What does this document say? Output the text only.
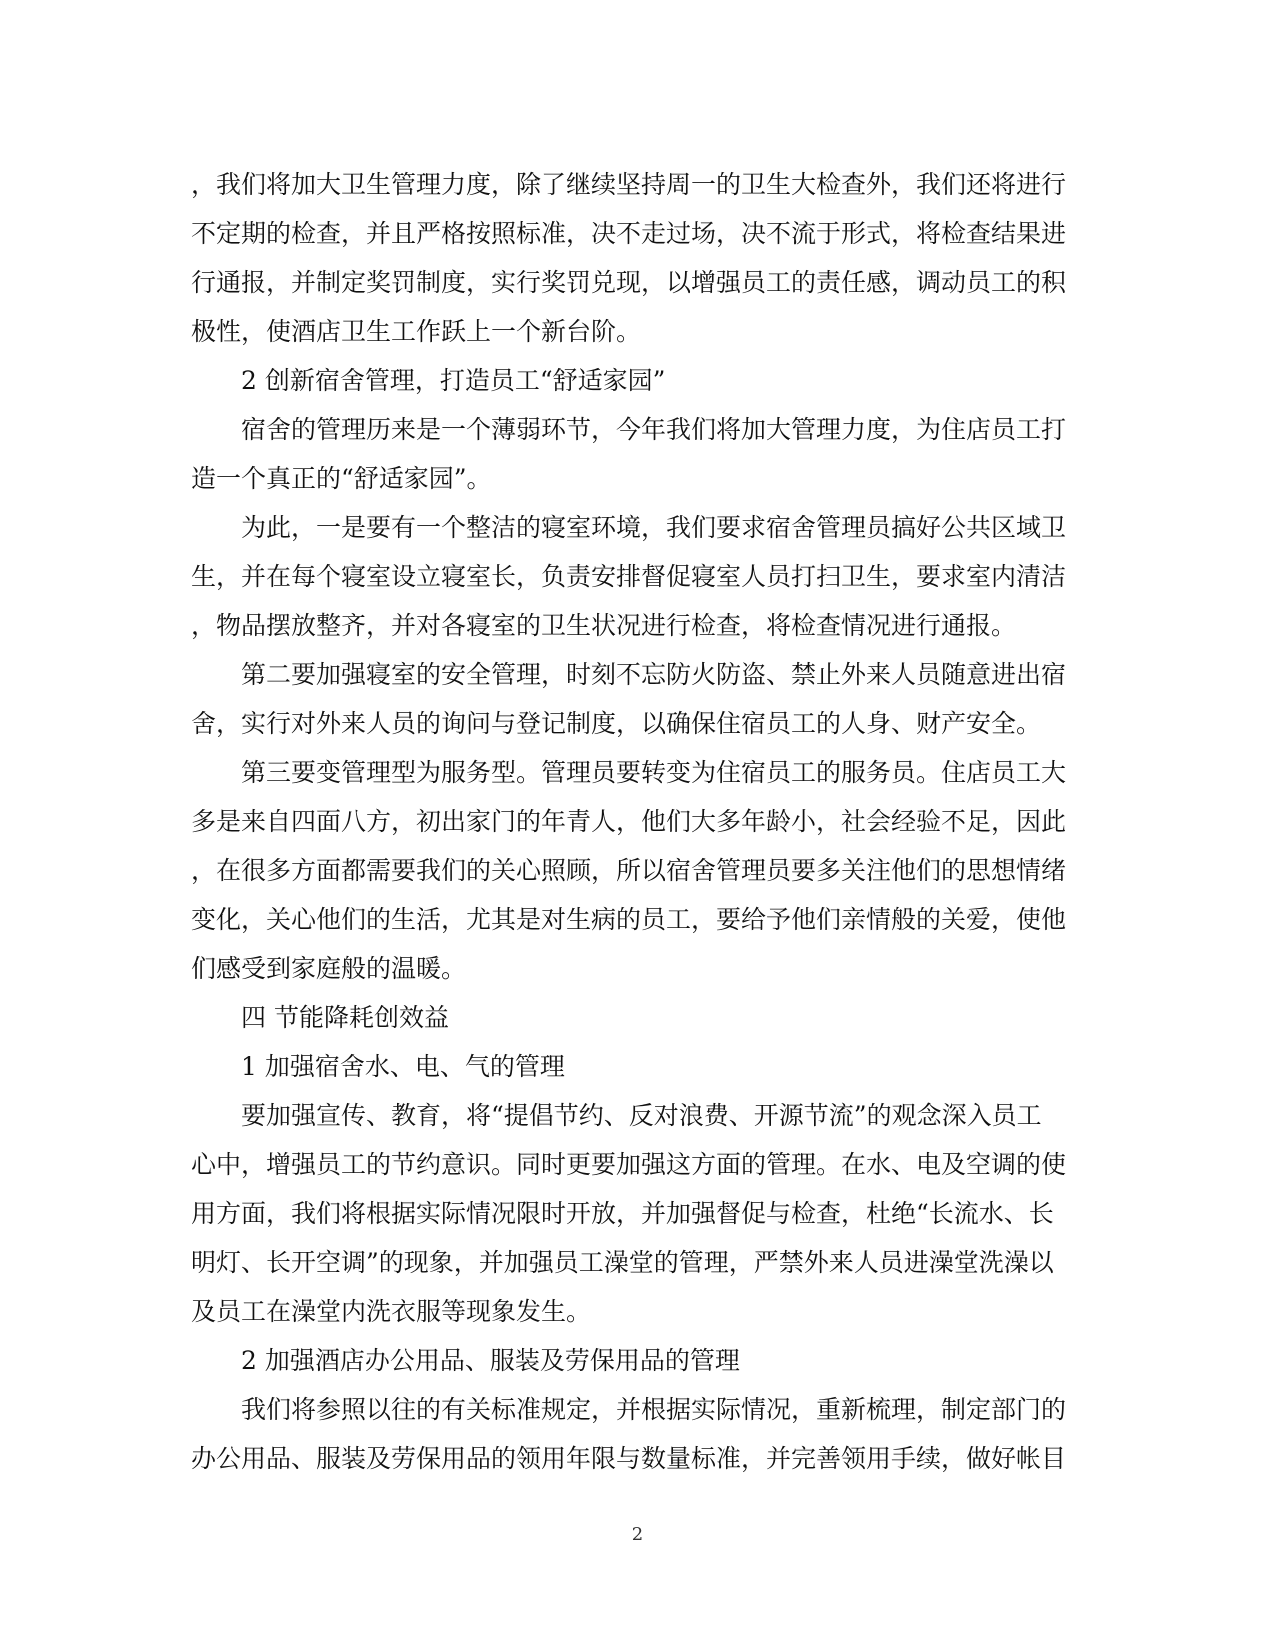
，我们将加大卫生管理力度，除了继续坚持周一的卫生大检查外，我们还将进行
不定期的检查，并且严格按照标准，决不走过场，决不流于形式，将检查结果进
行通报，并制定奖罚制度，实行奖罚兑现，以增强员工的责任感，调动员工的积
极性，使酒店卫生工作跃上一个新台阶。
2 创新宿舍管理，打造员工“舒适家园”
宿舍的管理历来是一个薄弱环节，今年我们将加大管理力度，为住店员工打
造一个真正的“舒适家园”。
为此，一是要有一个整洁的寝室环境，我们要求宿舍管理员搞好公共区域卫
生，并在每个寝室设立寝室长，负责安排督促寝室人员打扫卫生，要求室内清洁
，物品摆放整齐，并对各寝室的卫生状况进行检查，将检查情况进行通报。
第二要加强寝室的安全管理，时刻不忘防火防盗、禁止外来人员随意进出宿
舍，实行对外来人员的询问与登记制度，以确保住宿员工的人身、财产安全。
第三要变管理型为服务型。管理员要转变为住宿员工的服务员。住店员工大
多是来自四面八方，初出家门的年青人，他们大多年龄小，社会经验不足，因此
，在很多方面都需要我们的关心照顾，所以宿舍管理员要多关注他们的思想情绪
变化，关心他们的生活，尤其是对生病的员工，要给予他们亲情般的关爱，使他
们感受到家庭般的温暖。
四 节能降耗创效益
1 加强宿舍水、电、气的管理
要加强宣传、教育，将“提倡节约、反对浪费、开源节流”的观念深入员工
心中，增强员工的节约意识。同时更要加强这方面的管理。在水、电及空调的使
用方面，我们将根据实际情况限时开放，并加强督促与检查，杜绝“长流水、长
明灯、长开空调”的现象，并加强员工澡堂的管理，严禁外来人员进澡堂洗澡以
及员工在澡堂内洗衣服等现象发生。
2 加强酒店办公用品、服装及劳保用品的管理
我们将参照以往的有关标准规定，并根据实际情况，重新梳理，制定部门的
办公用品、服装及劳保用品的领用年限与数量标准，并完善领用手续，做好帐目
2
